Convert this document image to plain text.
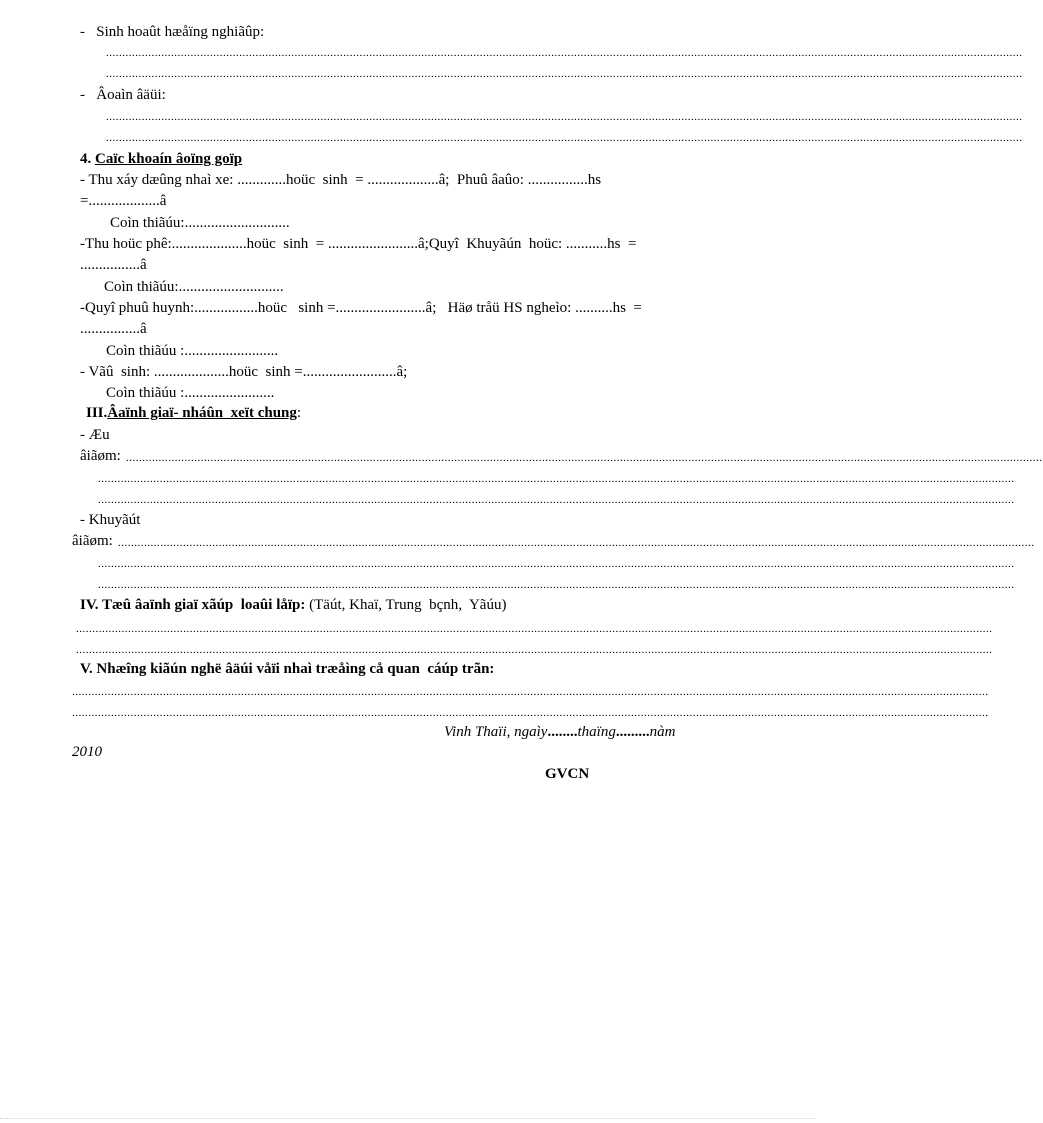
-   Sinh hoaût hæåïng nghiãûp:
..........................................................................................................................................................................................................................................................................................
..........................................................................................................................................................................................................................................................................................
-   Âoaìn âäüi:
..........................................................................................................................................................................................................................................................................................
..........................................................................................................................................................................................................................................................................................
4. Caïc khoaín âoïng goïp
- Thu xáy dæûng nhaì xe: .............hoüc  sinh  = ...................â;  Phuû âaûo: ................hs
=...................â
Coìn thiãúu:............................
-Thu hoüc phê:....................hoüc  sinh  = ........................â;Quyî  Khuyãún  hoüc: ...........hs  =
................â
Coìn thiãúu:............................
-Quyî phuû huynh:.................hoüc   sinh =........................â;   Häø tråü HS ngheìo: ..........hs  =
................â
Coìn thiãúu :.........................
- Vãû  sinh: ....................hoüc  sinh =.........................â;
Coìn thiãúu :........................
III.Âaïnh giaï- nháûn  xeït chung:
- Æu
âiãøm: ..........................................................................................................................................................................................................................................................................................
..........................................................................................................................................................................................................................................................................................
..........................................................................................................................................................................................................................................................................................
- Khuyãút
âiãøm: ..........................................................................................................................................................................................................................................................................................
..........................................................................................................................................................................................................................................................................................
..........................................................................................................................................................................................................................................................................................
IV. Tæû âaïnh giaï xãúp  loaûi låïp: (Täút, Khaï, Trung  bçnh,  Yãúu)
..........................................................................................................................................................................................................................................................................................
..........................................................................................................................................................................................................................................................................................
V. Nhæîng kiãún nghë âäúi våïi nhaì træåìng cå quan  cáúp trãn:
..........................................................................................................................................................................................................................................................................................
..........................................................................................................................................................................................................................................................................................
Vinh Thaïi, ngaìy........thaïng.........nàm
2010
GVCN
